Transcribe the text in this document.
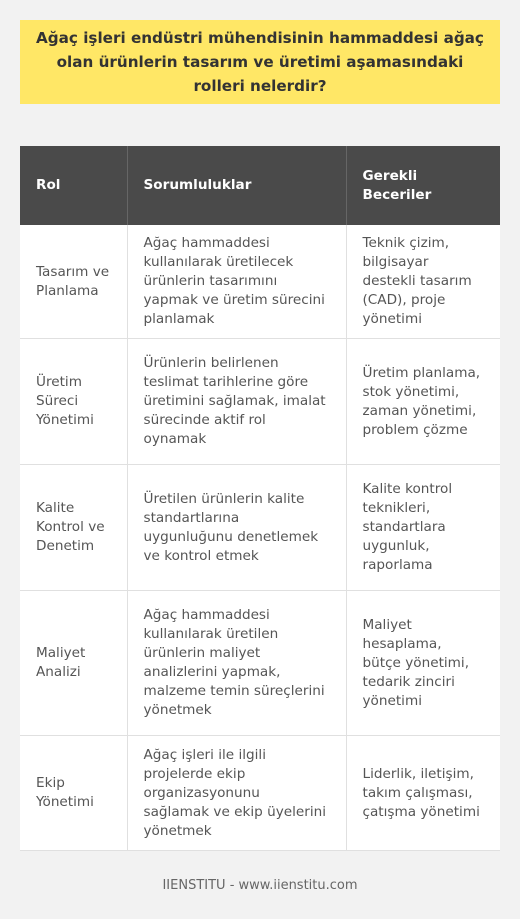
Ağaç işleri endüstri mühendisinin hammaddesi ağaç olan ürünlerin tasarım ve üretimi aşamasındaki rolleri nelerdir?
Rol	Sorumluluklar	Gerekli Beceriler
Tasarım ve Planlama	Ağaç hammaddesi kullanılarak üretilecek ürünlerin tasarımını yapmak ve üretim sürecini planlamak	Teknik çizim, bilgisayar destekli tasarım (CAD), proje yönetimi
Üretim Süreci Yönetimi	Ürünlerin belirlenen teslimat tarihlerine göre üretimini sağlamak, imalat sürecinde aktif rol oynamak	Üretim planlama, stok yönetimi, zaman yönetimi, problem çözme
Kalite Kontrol ve Denetim	Üretilen ürünlerin kalite standartlarına uygunluğunu denetlemek ve kontrol etmek	Kalite kontrol teknikleri, standartlara uygunluk, raporlama
Maliyet Analizi	Ağaç hammaddesi kullanılarak üretilen ürünlerin maliyet analizlerini yapmak, malzeme temin süreçlerini yönetmek	Maliyet hesaplama, bütçe yönetimi, tedarik zinciri yönetimi
Ekip Yönetimi	Ağaç işleri ile ilgili projelerde ekip organizasyonunu sağlamak ve ekip üyelerini yönetmek	Liderlik, iletişim, takım çalışması, çatışma yönetimi
IIENSTITU - www.iienstitu.com
